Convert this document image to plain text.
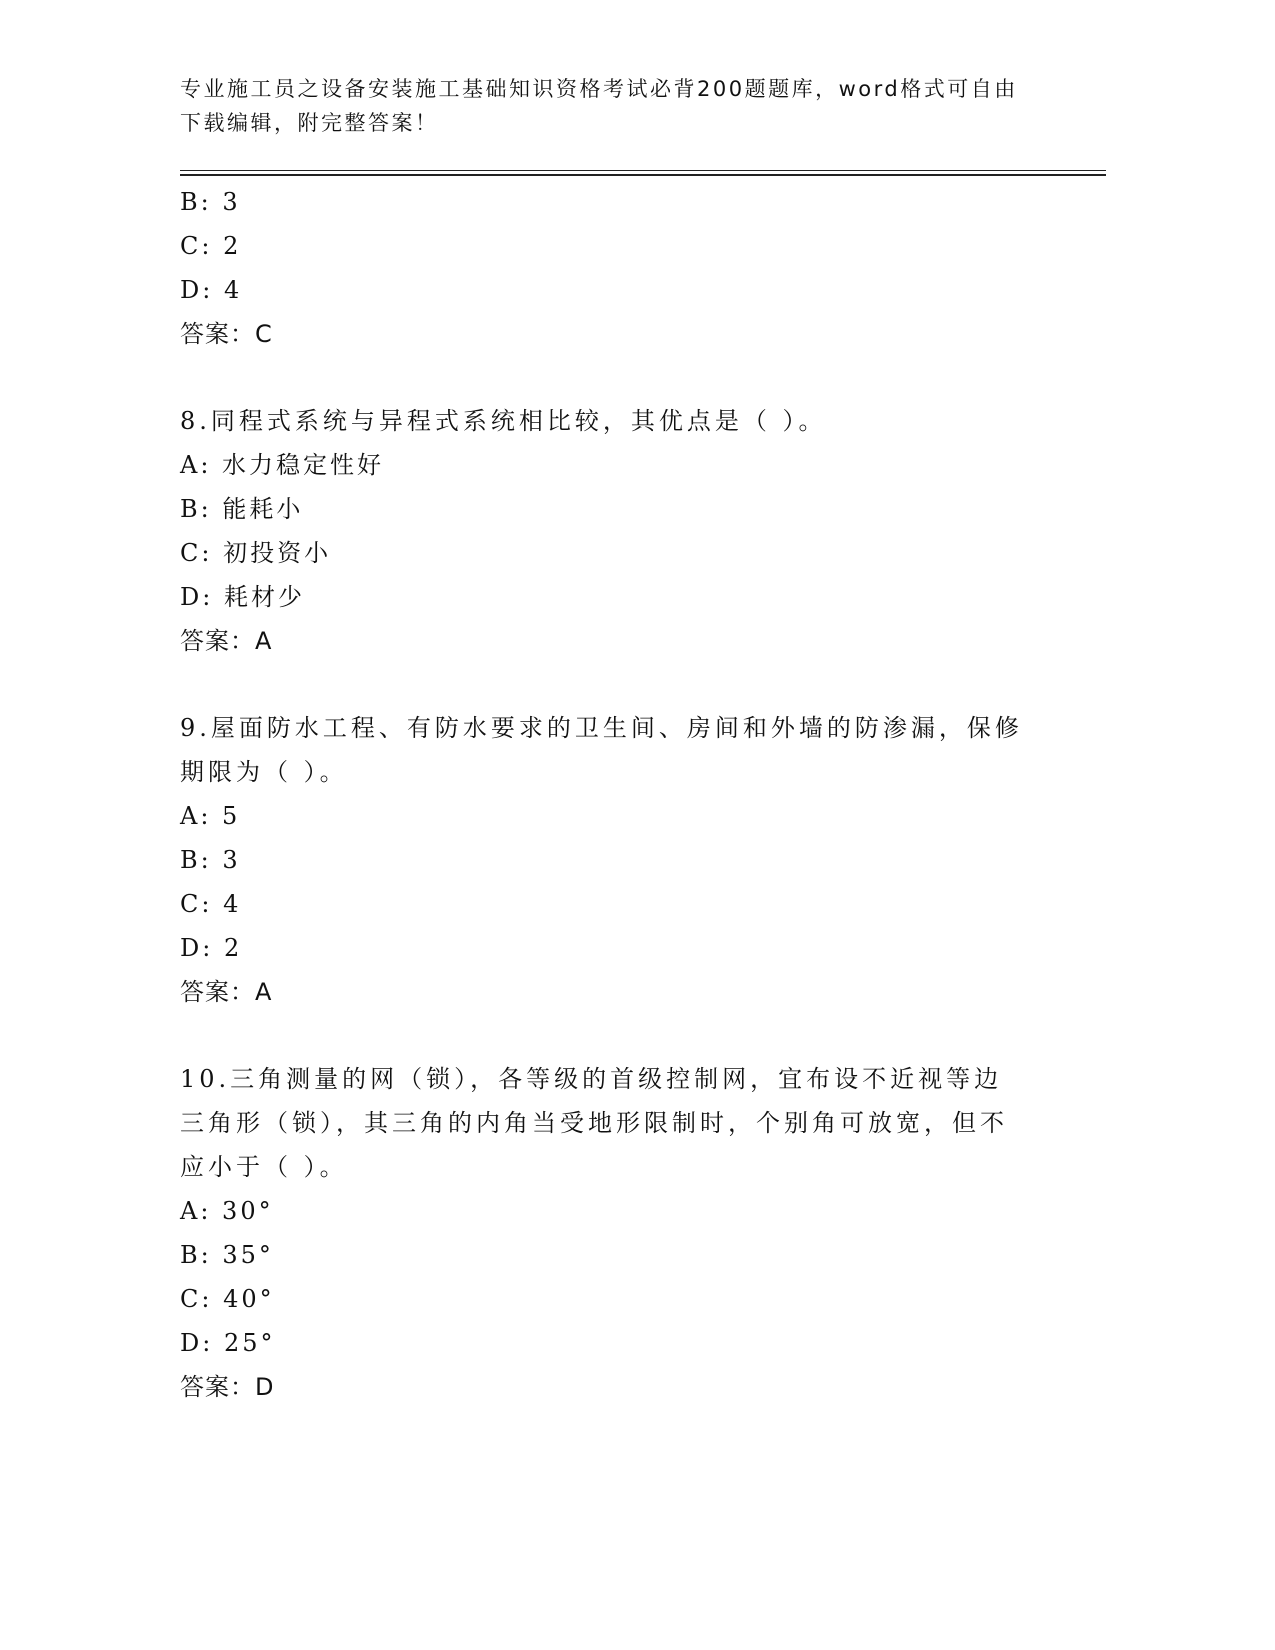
专业施工员之设备安装施工基础知识资格考试必背200题题库，word格式可自由
下载编辑，附完整答案！
B: 3
C: 2
D: 4
答案：C
8.同程式系统与异程式系统相比较，其优点是（ ）。
A: 水力稳定性好
B: 能耗小
C: 初投资小
D: 耗材少
答案：A
9.屋面防水工程、有防水要求的卫生间、房间和外墙的防渗漏，保修期限为（ ）。
A: 5
B: 3
C: 4
D: 2
答案：A
10.三角测量的网（锁），各等级的首级控制网，宜布设不近视等边三角形（锁），其三角的内角当受地形限制时，个别角可放宽，但不应小于（ ）。
A: 30°
B: 35°
C: 40°
D: 25°
答案：D
